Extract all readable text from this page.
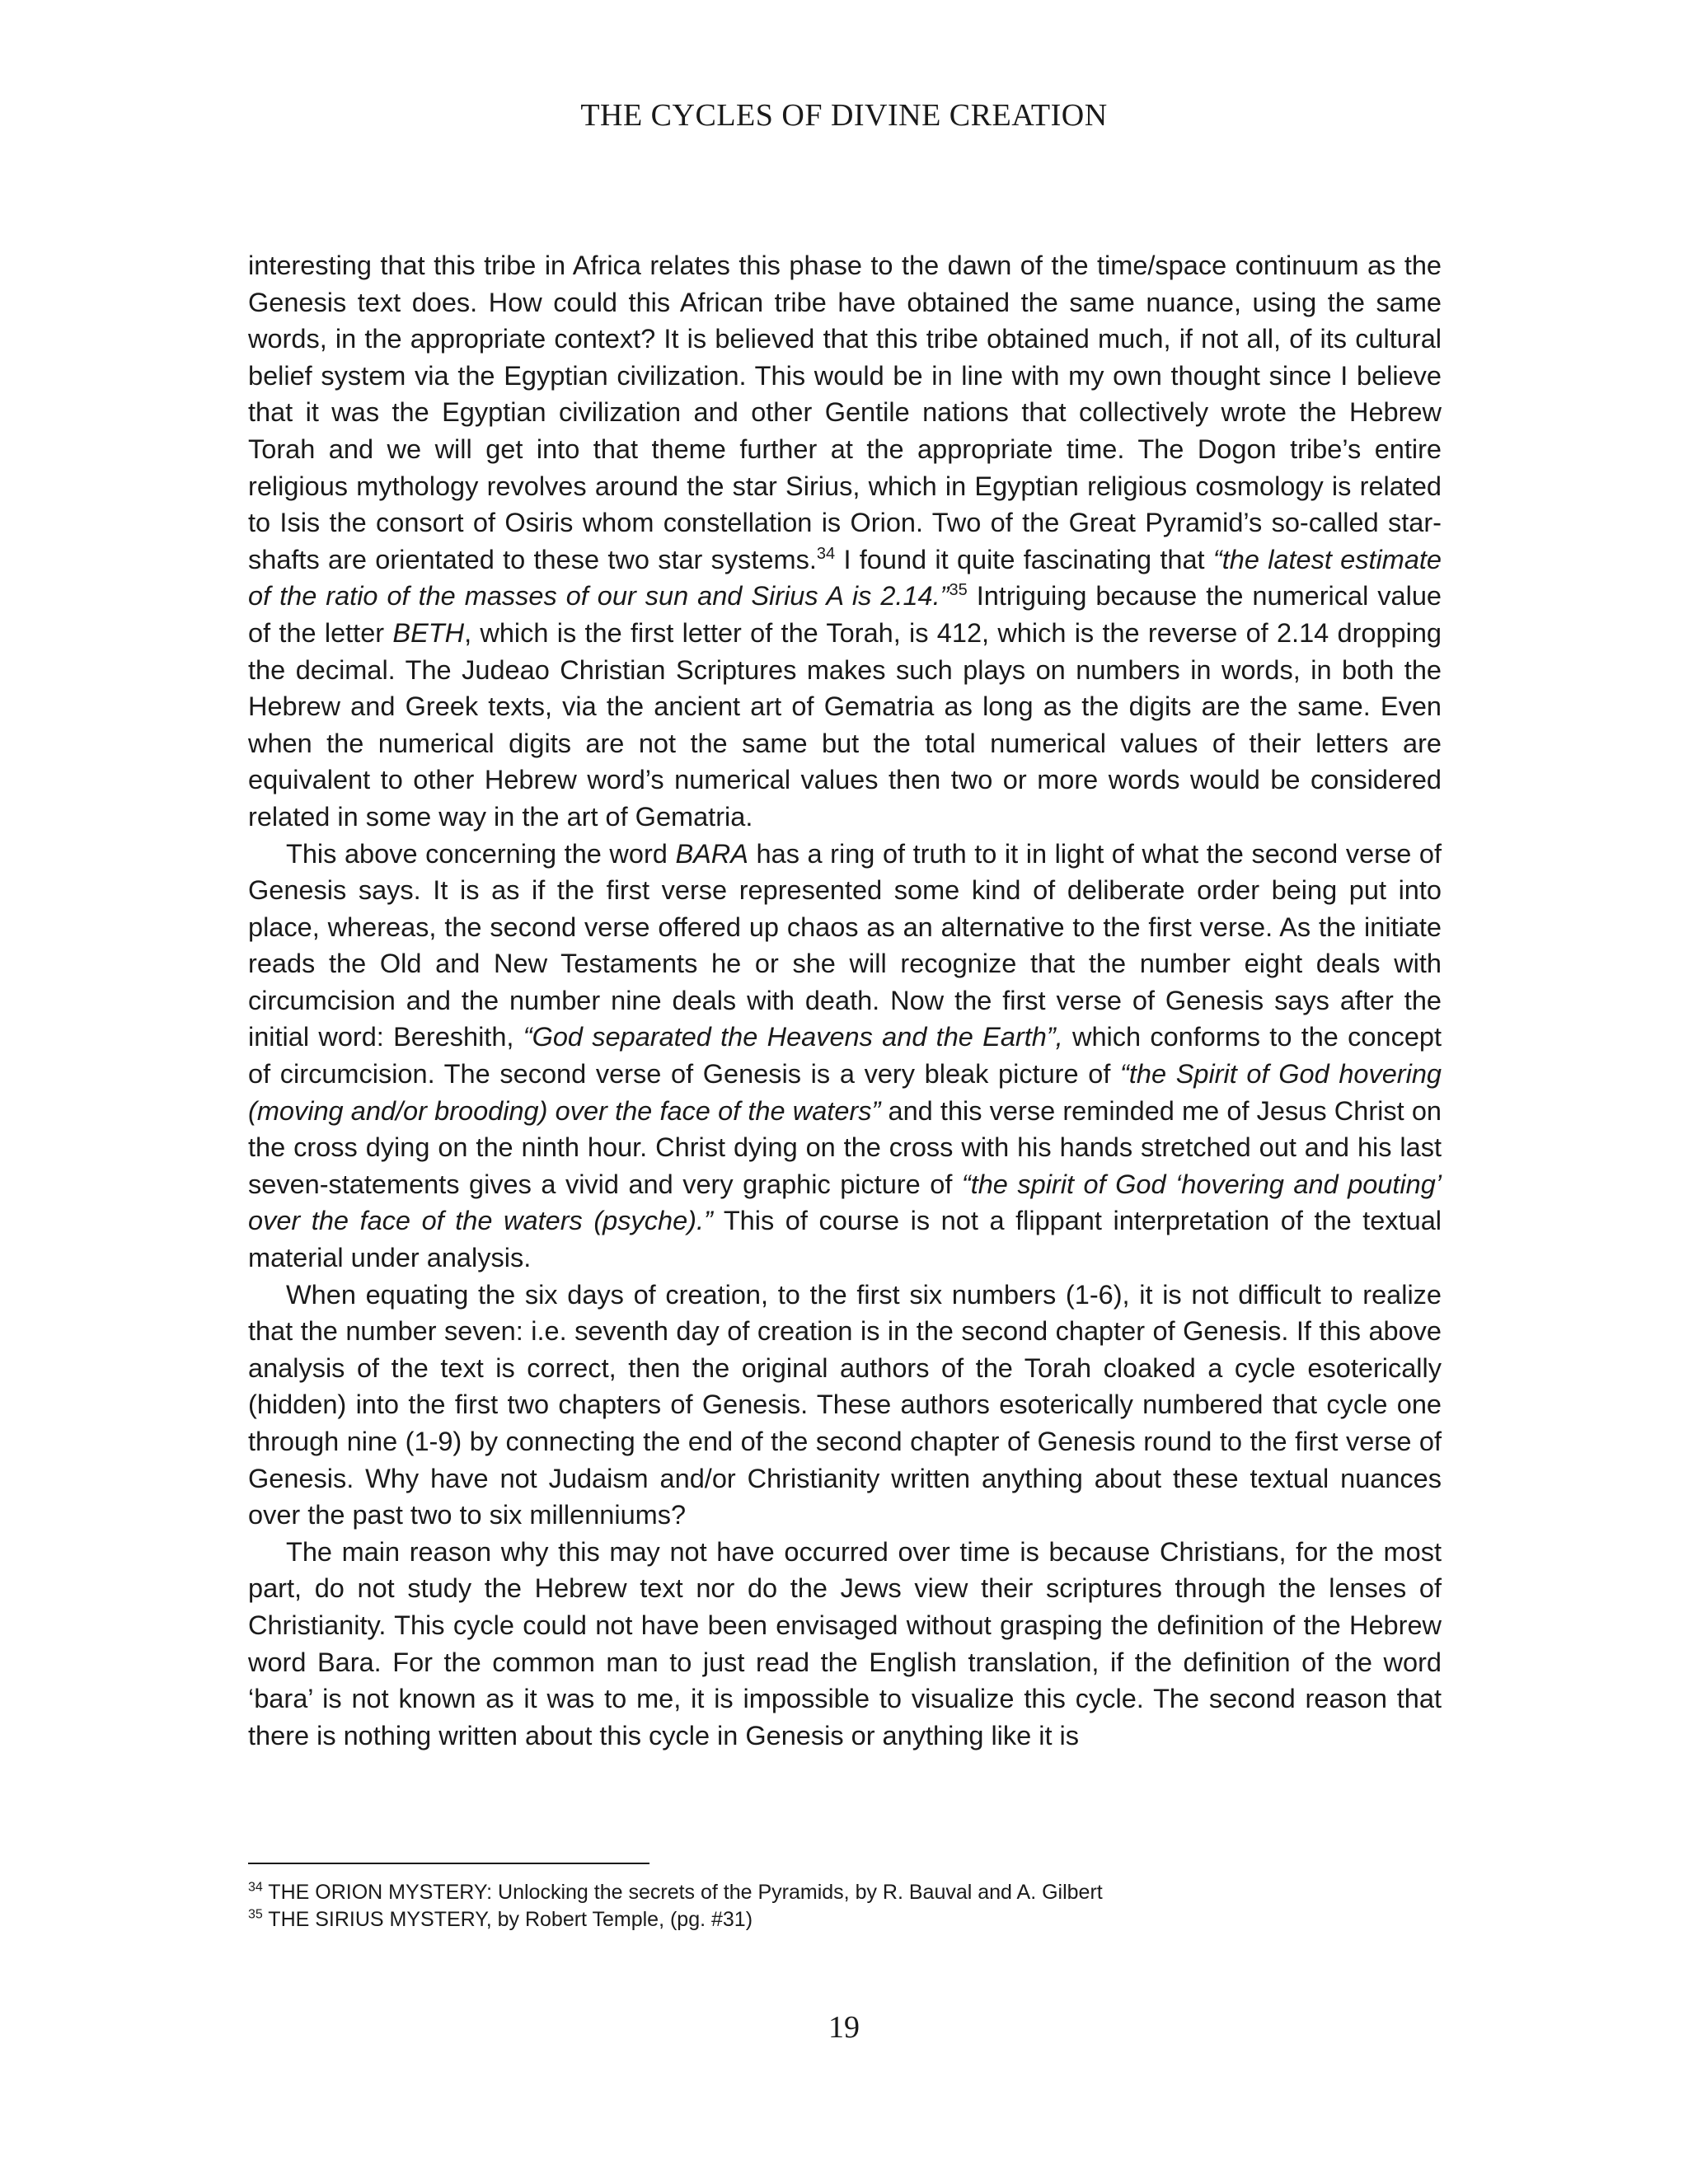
THE CYCLES OF DIVINE CREATION

interesting that this tribe in Africa relates this phase to the dawn of the time/space continuum as the Genesis text does. How could this African tribe have obtained the same nuance, using the same words, in the appropriate context? It is believed that this tribe obtained much, if not all, of its cultural belief system via the Egyptian civilization. This would be in line with my own thought since I believe that it was the Egyptian civilization and other Gentile nations that collectively wrote the Hebrew Torah and we will get into that theme further at the appropriate time. The Dogon tribe’s entire religious mythology revolves around the star Sirius, which in Egyptian religious cosmology is related to Isis the consort of Osiris whom constellation is Orion. Two of the Great Pyramid’s so-called star-shafts are orientated to these two star systems.$^{34}$ I found it quite fascinating that “the latest estimate of the ratio of the masses of our sun and Sirius A is 2.14.”$^{35}$ Intriguing because the numerical value of the letter BETH, which is the first letter of the Torah, is 412, which is the reverse of 2.14 dropping the decimal. The Judeao Christian Scriptures makes such plays on numbers in words, in both the Hebrew and Greek texts, via the ancient art of Gematria as long as the digits are the same. Even when the numerical digits are not the same but the total numerical values of their letters are equivalent to other Hebrew word’s numerical values then two or more words would be considered related in some way in the art of Gematria.

This above concerning the word BARA has a ring of truth to it in light of what the second verse of Genesis says. It is as if the first verse represented some kind of deliberate order being put into place, whereas, the second verse offered up chaos as an alternative to the first verse. As the initiate reads the Old and New Testaments he or she will recognize that the number eight deals with circumcision and the number nine deals with death. Now the first verse of Genesis says after the initial word: Bereshith, “God separated the Heavens and the Earth”, which conforms to the concept of circumcision. The second verse of Genesis is a very bleak picture of “the Spirit of God hovering (moving and/or brooding) over the face of the waters” and this verse reminded me of Jesus Christ on the cross dying on the ninth hour. Christ dying on the cross with his hands stretched out and his last seven-statements gives a vivid and very graphic picture of “the spirit of God ‘hovering and pouting’ over the face of the waters (psyche).” This of course is not a flippant interpretation of the textual material under analysis.

When equating the six days of creation, to the first six numbers (1-6), it is not difficult to realize that the number seven: i.e. seventh day of creation is in the second chapter of Genesis. If this above analysis of the text is correct, then the original authors of the Torah cloaked a cycle esoterically (hidden) into the first two chapters of Genesis. These authors esoterically numbered that cycle one through nine (1-9) by connecting the end of the second chapter of Genesis round to the first verse of Genesis. Why have not Judaism and/or Christianity written anything about these textual nuances over the past two to six millenniums?

The main reason why this may not have occurred over time is because Christians, for the most part, do not study the Hebrew text nor do the Jews view their scriptures through the lenses of Christianity. This cycle could not have been envisaged without grasping the definition of the Hebrew word Bara. For the common man to just read the English translation, if the definition of the word ‘bara’ is not known as it was to me, it is impossible to visualize this cycle. The second reason that there is nothing written about this cycle in Genesis or anything like it is

$^{34}$ THE ORION MYSTERY: Unlocking the secrets of the Pyramids, by R. Bauval and A. Gilbert
$^{35}$ THE SIRIUS MYSTERY, by Robert Temple, (pg. #31)
19
